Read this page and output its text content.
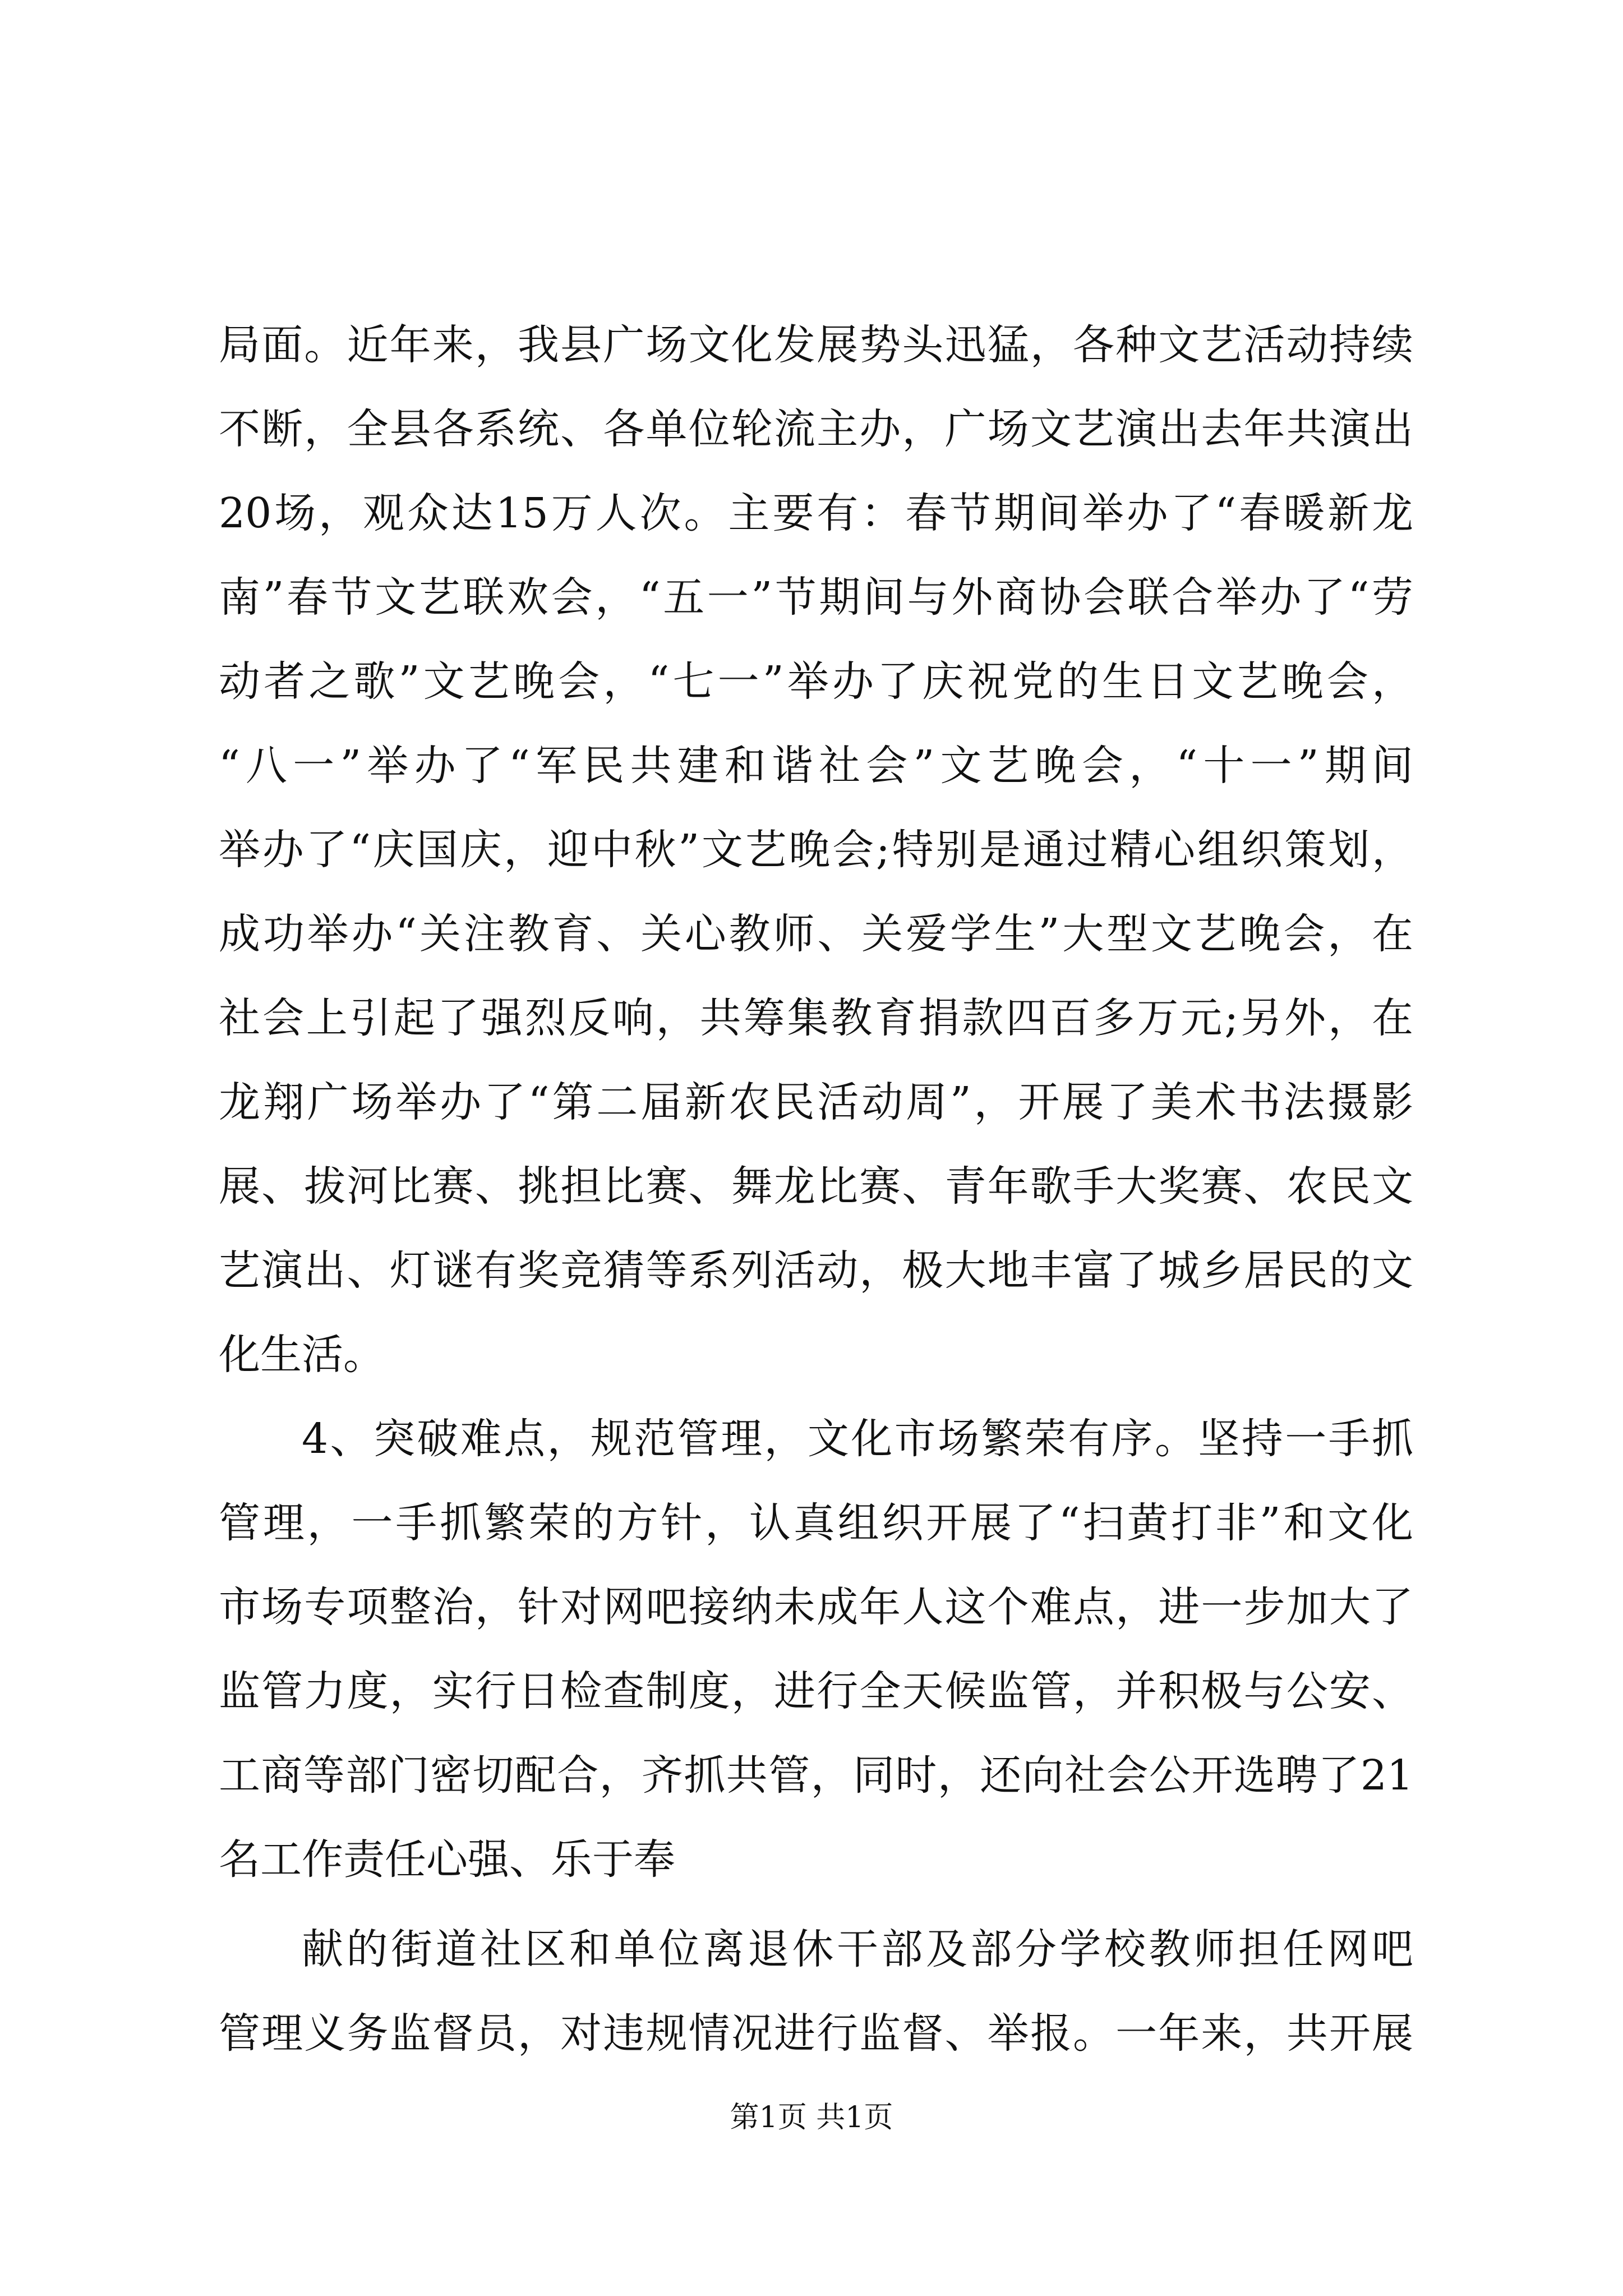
局面。近年来，我县广场文化发展势头迅猛，各种文艺活动持续
不断，全县各系统、各单位轮流主办，广场文艺演出去年共演出
20场，观众达15万人次。主要有：春节期间举办了“春暖新龙
南”春节文艺联欢会，“五一”节期间与外商协会联合举办了“劳
动者之歌”文艺晚会，“七一”举办了庆祝党的生日文艺晚会，
“八一”举办了“军民共建和谐社会”文艺晚会，“十一”期间
举办了“庆国庆，迎中秋”文艺晚会;特别是通过精心组织策划，
成功举办“关注教育、关心教师、关爱学生”大型文艺晚会，在
社会上引起了强烈反响，共筹集教育捐款四百多万元;另外，在
龙翔广场举办了“第二届新农民活动周”，开展了美术书法摄影
展、拔河比赛、挑担比赛、舞龙比赛、青年歌手大奖赛、农民文
艺演出、灯谜有奖竞猜等系列活动，极大地丰富了城乡居民的文
化生活。
4、突破难点，规范管理，文化市场繁荣有序。坚持一手抓
管理，一手抓繁荣的方针，认真组织开展了“扫黄打非”和文化
市场专项整治，针对网吧接纳未成年人这个难点，进一步加大了
监管力度，实行日检查制度，进行全天候监管，并积极与公安、
工商等部门密切配合，齐抓共管，同时，还向社会公开选聘了21
名工作责任心强、乐于奉
献的街道社区和单位离退休干部及部分学校教师担任网吧
管理义务监督员，对违规情况进行监督、举报。一年来，共开展
第1页 共1页
